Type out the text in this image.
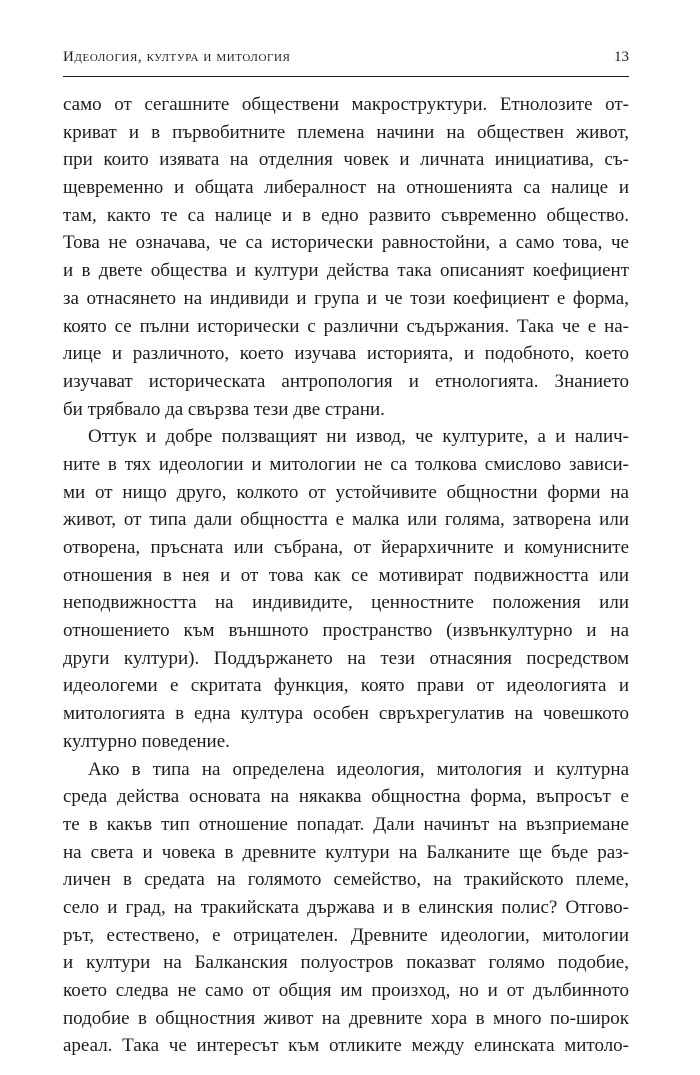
Идеология, култура и митология	13
само от сегашните обществени макроструктури. Етнолозите от-
криват и в първобитните племена начини на обществен живот,
при които изявата на отделния човек и личната инициатива, съ-
щевременно и общата либералност на отношенията са налице и
там, както те са налице и в едно развито съвременно общество.
Това не означава, че са исторически равностойни, а само това, че
и в двете общества и култури действа така описаният коефициент
за отнасянето на индивиди и група и че този коефициент е форма,
която се пълни исторически с различни съдържания. Така че е на-
лице и различното, което изучава историята, и подобното, което
изучават историческата антропология и етнологията. Знанието
би трябвало да свързва тези две страни.
Оттук и добре ползващият ни извод, че културите, а и налич-
ните в тях идеологии и митологии не са толкова смислово зависи-
ми от нищо друго, колкото от устойчивите общностни форми на
живот, от типа дали общността е малка или голяма, затворена или
отворена, пръсната или събрана, от йерархичните и комунисните
отношения в нея и от това как се мотивират подвижността или
неподвижността на индивидите, ценностните положения или
отношението към външното пространство (извънкултурно и на
други култури). Поддържането на тези отнасяния посредством
идеологеми е скритата функция, която прави от идеологията и
митологията в една култура особен свръхрегулатив на човешкото
културно поведение.
Ако в типа на определена идеология, митология и културна
среда действа основата на някаква общностна форма, въпросът е
те в какъв тип отношение попадат. Дали начинът на възприемане
на света и човека в древните култури на Балканите ще бъде раз-
личен в средата на голямото семейство, на тракийското племе,
село и град, на тракийската държава и в елинския полис? Отгово-
рът, естествено, е отрицателен. Древните идеологии, митологии
и култури на Балканския полуостров показват голямо подобие,
което следва не само от общия им произход, но и от дълбинното
подобие в общностния живот на древните хора в много по-широк
ареал. Така че интересът към отликите между елинската митоло-
